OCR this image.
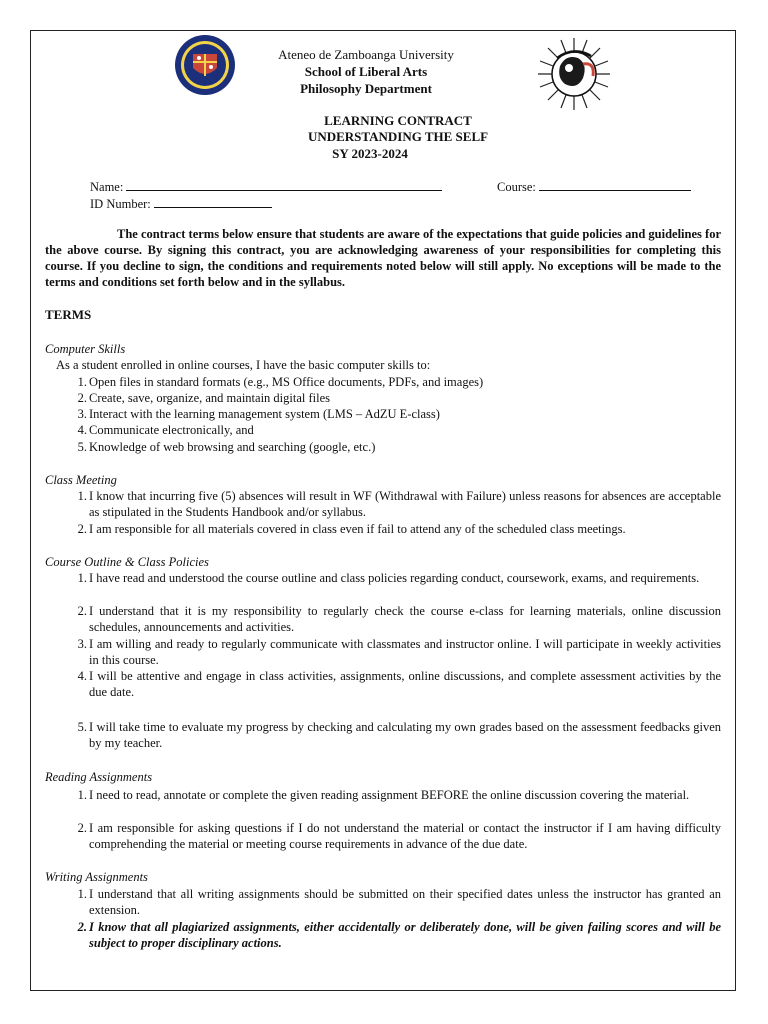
Ateneo de Zamboanga University
School of Liberal Arts
Philosophy Department
LEARNING CONTRACT
UNDERSTANDING THE SELF
SY 2023-2024
Name:	Course:
ID Number:
The contract terms below ensure that students are aware of the expectations that guide policies and guidelines for the above course. By signing this contract, you are acknowledging awareness of your responsibilities for completing this course. If you decline to sign, the conditions and requirements noted below will still apply. No exceptions will be made to the terms and conditions set forth below and in the syllabus.
TERMS
Computer Skills
As a student enrolled in online courses, I have the basic computer skills to:
1. Open files in standard formats (e.g., MS Office documents, PDFs, and images)
2. Create, save, organize, and maintain digital files
3. Interact with the learning management system (LMS – AdZU E-class)
4. Communicate electronically, and
5. Knowledge of web browsing and searching (google, etc.)
Class Meeting
1. I know that incurring five (5) absences will result in WF (Withdrawal with Failure) unless reasons for absences are acceptable as stipulated in the Students Handbook and/or syllabus.
2. I am responsible for all materials covered in class even if fail to attend any of the scheduled class meetings.
Course Outline & Class Policies
1. I have read and understood the course outline and class policies regarding conduct, coursework, exams, and requirements.
2. I understand that it is my responsibility to regularly check the course e-class for learning materials, online discussion schedules, announcements and activities.
3. I am willing and ready to regularly communicate with classmates and instructor online. I will participate in weekly activities in this course.
4. I will be attentive and engage in class activities, assignments, online discussions, and complete assessment activities by the due date.
5. I will take time to evaluate my progress by checking and calculating my own grades based on the assessment feedbacks given by my teacher.
Reading Assignments
1. I need to read, annotate or complete the given reading assignment BEFORE the online discussion covering the material.
2. I am responsible for asking questions if I do not understand the material or contact the instructor if I am having difficulty comprehending the material or meeting course requirements in advance of the due date.
Writing Assignments
1. I understand that all writing assignments should be submitted on their specified dates unless the instructor has granted an extension.
2. I know that all plagiarized assignments, either accidentally or deliberately done, will be given failing scores and will be subject to proper disciplinary actions.
